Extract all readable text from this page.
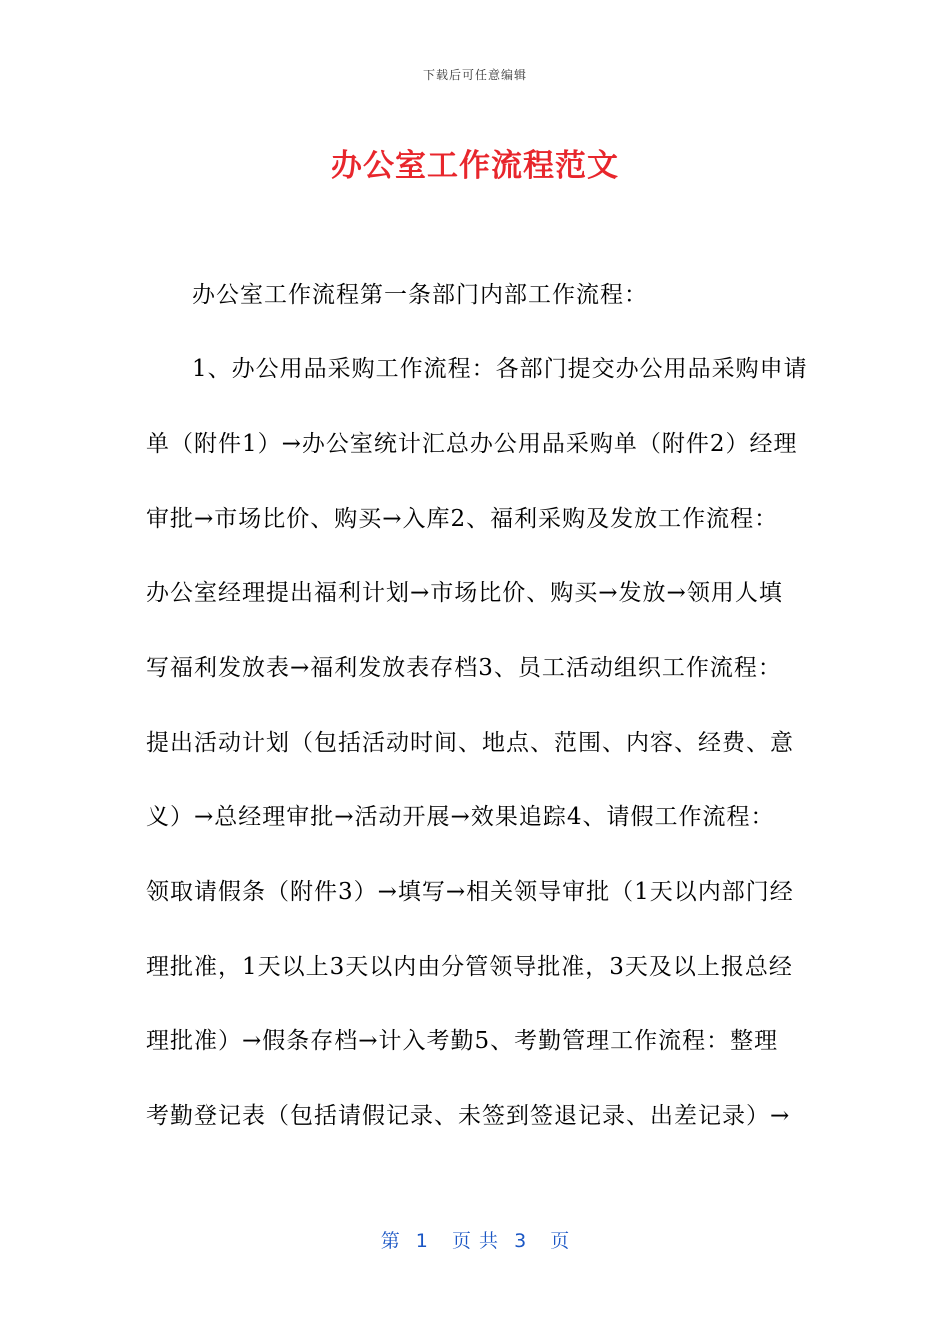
下载后可任意编辑
办公室工作流程范文
办公室工作流程第一条部门内部工作流程：
1、办公用品采购工作流程：各部门提交办公用品采购申请
单（附件1）→办公室统计汇总办公用品采购单（附件2）经理
审批→市场比价、购买→入库2、福利采购及发放工作流程：
办公室经理提出福利计划→市场比价、购买→发放→领用人填
写福利发放表→福利发放表存档3、员工活动组织工作流程：
提出活动计划（包括活动时间、地点、范围、内容、经费、意
义）→总经理审批→活动开展→效果追踪4、请假工作流程：
领取请假条（附件3）→填写→相关领导审批（1天以内部门经
理批准，1天以上3天以内由分管领导批准，3天及以上报总经
理批准）→假条存档→计入考勤5、考勤管理工作流程：整理
考勤登记表（包括请假记录、未签到签退记录、出差记录）→
第  1   页 共  3   页
